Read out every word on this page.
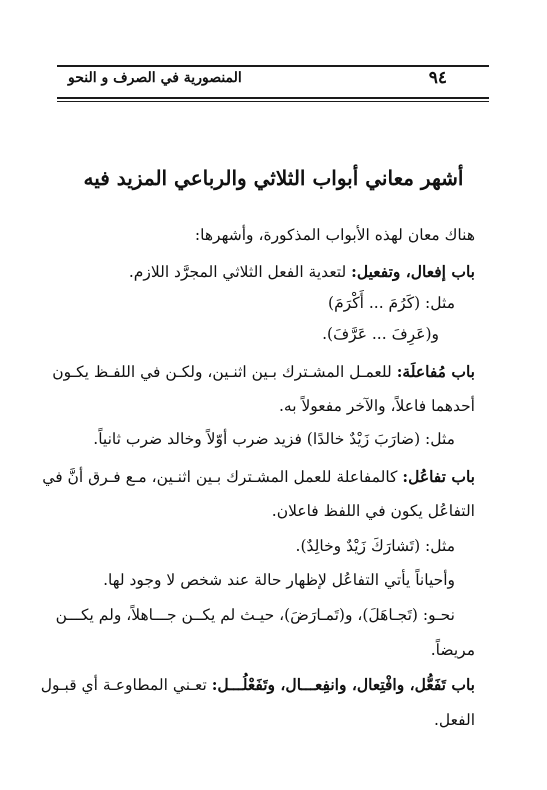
٩٤
المنصورية في الصرف و النحو
أشهر معاني أبواب الثلاثي والرباعي المزيد فيه
هناك معان لهذه الأبواب المذكورة، وأشهرها:
باب إفعال، وتفعيل: لتعدية الفعل الثلاثي المجرَّد اللازم.
مثل: (كَرُمَ ... أَكْرَمَ)
و(عَرِفَ ... عَرَّفَ).
باب مُفاعلَة: للعمـل المشـترك بـين اثنـين، ولكـن في اللفـظ يكـون
أحدهما فاعلاً، والآخر مفعولاً به.
مثل: (ضارَبَ زَيْدٌ خالدًا) فزيد ضرب أوّلاً وخالد ضرب ثانياً.
باب تفاعُل: كالمفاعلة للعمل المشـترك بـين اثنـين، مـع فـرق أنَّ في
التفاعُل يكون في اللفظ فاعلان.
مثل: (تَشارَكَ زَيْدٌ وخالِدٌ).
وأحياناً يأتي التفاعُل لإظهار حالة عند شخص لا وجود لها.
نحـو: (تَجـاهَلَ)، و(تَمـارَضَ)، حيـث لم يكــن جـــاهلاً، ولم يكـــن
مريضاً.
باب تَفَعُّل، وافْتِعال، وانفِعـــال، وتَفَعْلُـــل: تعـني المطاوعـة أي قبـول
الفعل.
